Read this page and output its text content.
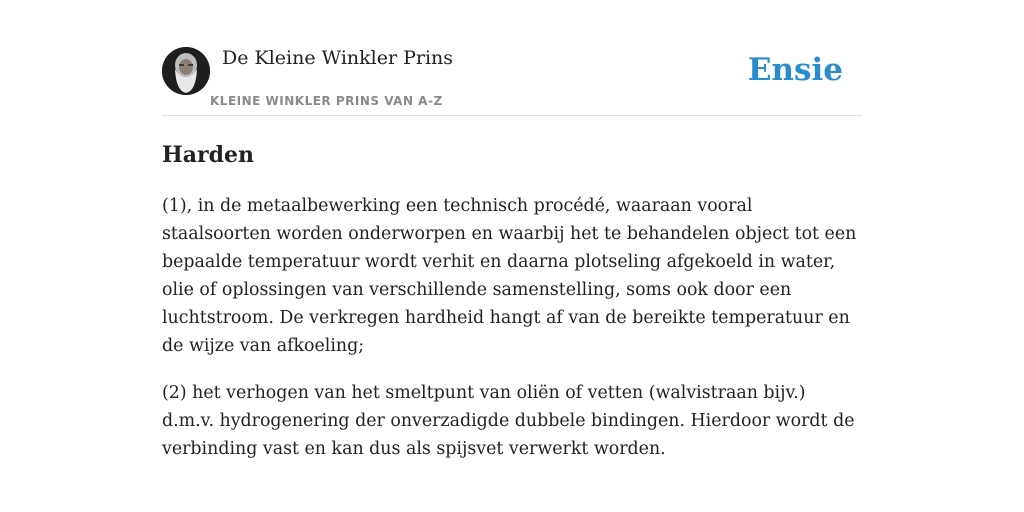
De Kleine Winkler Prins
KLEINE WINKLER PRINS VAN A-Z
Ensie
Harden

(1), in de metaalbewerking een technisch procédé, waaraan vooral staalsoorten worden onderworpen en waarbij het te behandelen object tot een bepaalde temperatuur wordt verhit en daarna plotseling afgekoeld in water, olie of oplossingen van verschillende samenstelling, soms ook door een luchtstroom. De verkregen hardheid hangt af van de bereikte temperatuur en de wijze van afkoeling;

(2) het verhogen van het smeltpunt van oliën of vetten (walvistraan bijv.) d.m.v. hydrogenering der onverzadigde dubbele bindingen. Hierdoor wordt de verbinding vast en kan dus als spijsvet verwerkt worden.
